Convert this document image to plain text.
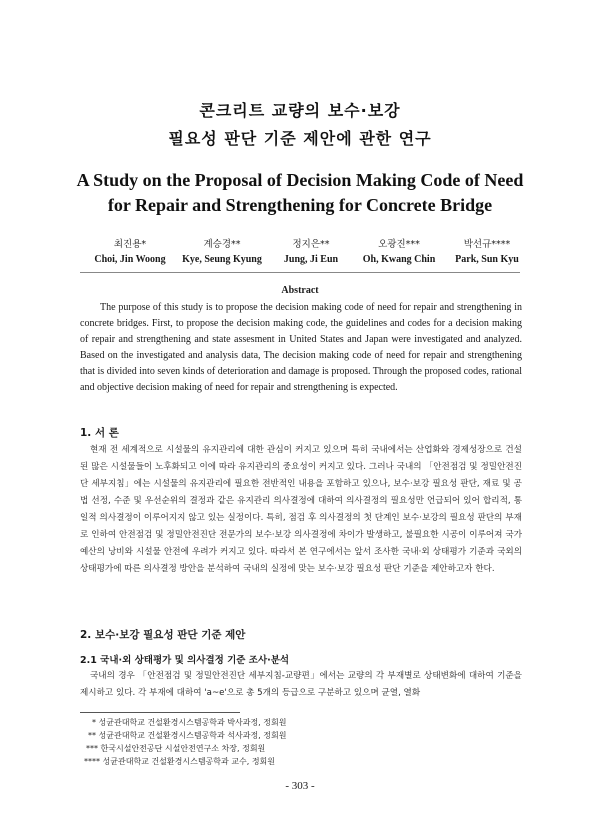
콘크리트 교량의 보수·보강
필요성 판단 기준 제안에 관한 연구
A Study on the Proposal of Decision Making Code of Need
for Repair and Strengthening for Concrete Bridge
최진용*
Choi, Jin Woong
계승경**
Kye, Seung Kyung
정지은**
Jung, Ji Eun
오광진***
Oh, Kwang Chin
박선규****
Park, Sun Kyu
Abstract
The purpose of this study is to propose the decision making code of need for repair and strengthening in concrete bridges. First, to propose the decision making code, the guidelines and codes for a decision making of repair and strengthening and state assesment in United States and Japan were investigated and analyzed. Based on the investigated and analysis data, The decision making code of need for repair and strengthening that is divided into seven kinds of deterioration and damage is proposed. Through the proposed codes, rational and objective decision making of need for repair and strengthening is expected.
1. 서 론
현재 전 세계적으로 시설물의 유지관리에 대한 관심이 커지고 있으며 특히 국내에서는 산업화와 경제성장으로 건설된 많은 시설물들이 노후화되고 이에 따라 유지관리의 중요성이 커지고 있다. 그러나 국내의 「안전점검 및 정밀안전진단 세부지침」에는 시설물의 유지관리에 필요한 전반적인 내용을 포함하고 있으나, 보수·보강 필요성 판단, 재료 및 공법 선정, 수준 및 우선순위의 결정과 같은 유지관리 의사결정에 대하여 의사결정의 필요성만 언급되어 있어 합리적, 통일적 의사결정이 이루어지지 않고 있는 실정이다. 특히, 점검 후 의사결정의 첫 단계인 보수·보강의 필요성 판단의 부재로 인하여 안전점검 및 정밀안전진단 전문가의 보수·보강 의사결정에 차이가 발생하고, 불필요한 시공이 이루어져 국가예산의 낭비와 시설물 안전에 우려가 커지고 있다. 따라서 본 연구에서는 앞서 조사한 국내·외 상태평가 기준과 국외의 상태평가에 따른 의사결정 방안을 분석하여 국내의 실정에 맞는 보수·보강 필요성 판단 기준을 제안하고자 한다.
2. 보수·보강 필요성 판단 기준 제안
2.1 국내·외 상태평가 및 의사결정 기준 조사·분석
국내의 경우 「안전점검 및 정밀안전진단 세부지침-교량편」에서는 교량의 각 부재별로 상태변화에 대하여 기준을 제시하고 있다. 각 부재에 대하여 'a~e'으로 총 5개의 등급으로 구분하고 있으며 균열, 열화
* 성균관대학교 건설환경시스템공학과 박사과정, 정회원
** 성균관대학교 건설환경시스템공학과 석사과정, 정회원
*** 한국시설안전공단 시설안전연구소 차장, 정회원
**** 성균관대학교 건설환경시스템공학과 교수, 정회원
- 303 -
